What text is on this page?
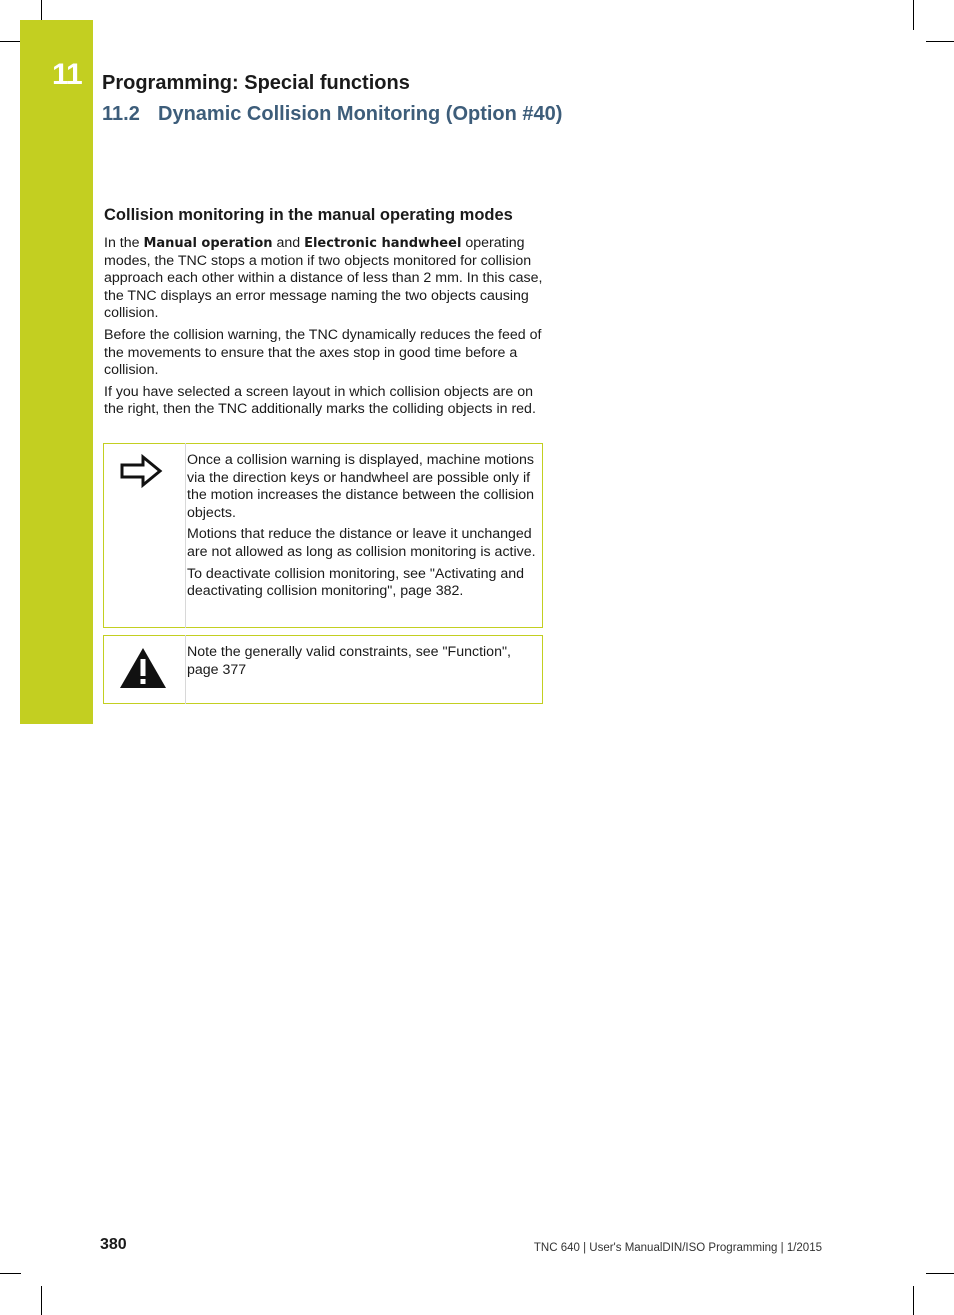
11 Programming: Special functions
11.2 Dynamic Collision Monitoring (Option #40)
Collision monitoring in the manual operating modes

In the Manual operation and Electronic handwheel operating modes, the TNC stops a motion if two objects monitored for collision approach each other within a distance of less than 2 mm. In this case, the TNC displays an error message naming the two objects causing collision.

Before the collision warning, the TNC dynamically reduces the feed of the movements to ensure that the axes stop in good time before a collision.

If you have selected a screen layout in which collision objects are on the right, then the TNC additionally marks the colliding objects in red.

Once a collision warning is displayed, machine motions via the direction keys or handwheel are possible only if the motion increases the distance between the collision objects.

Motions that reduce the distance or leave it unchanged are not allowed as long as collision monitoring is active.

To deactivate collision monitoring, see "Activating and deactivating collision monitoring", page 382.

Note the generally valid constraints, see "Function", page 377
380	TNC 640 | User's ManualDIN/ISO Programming | 1/2015
